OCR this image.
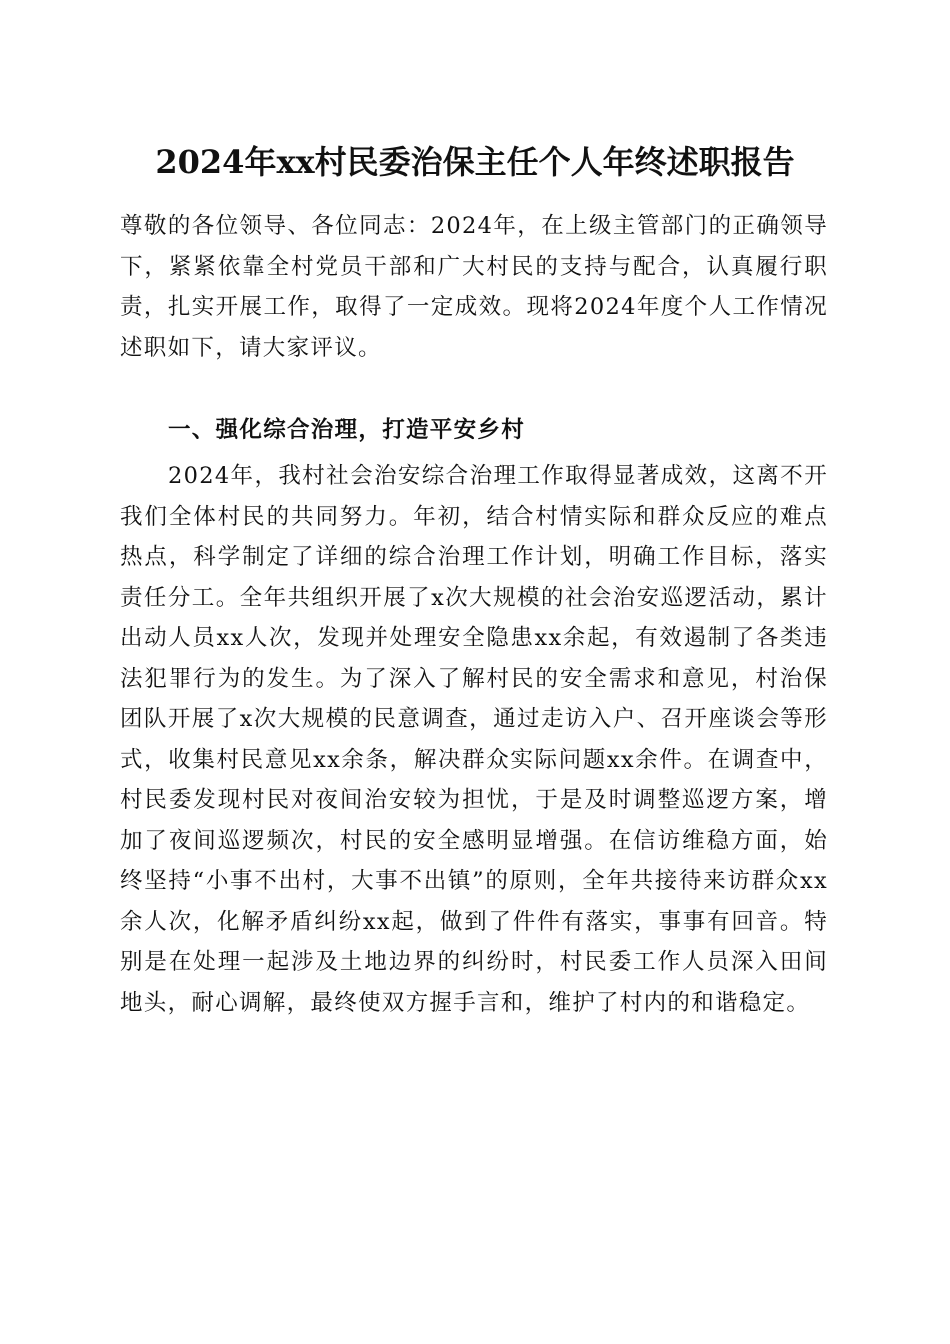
2024年xx村民委治保主任个人年终述职报告

尊敬的各位领导、各位同志：2024年，在上级主管部门的正确领导下，紧紧依靠全村党员干部和广大村民的支持与配合，认真履行职责，扎实开展工作，取得了一定成效。现将2024年度个人工作情况述职如下，请大家评议。

一、强化综合治理，打造平安乡村

2024年，我村社会治安综合治理工作取得显著成效，这离不开我们全体村民的共同努力。年初，结合村情实际和群众反应的难点热点，科学制定了详细的综合治理工作计划，明确工作目标，落实责任分工。全年共组织开展了x次大规模的社会治安巡逻活动，累计出动人员xx人次，发现并处理安全隐患xx余起，有效遏制了各类违法犯罪行为的发生。为了深入了解村民的安全需求和意见，村治保团队开展了x次大规模的民意调查，通过走访入户、召开座谈会等形式，收集村民意见xx余条，解决群众实际问题xx余件。在调查中，村民委发现村民对夜间治安较为担忧，于是及时调整巡逻方案，增加了夜间巡逻频次，村民的安全感明显增强。在信访维稳方面，始终坚持“小事不出村，大事不出镇”的原则，全年共接待来访群众xx余人次，化解矛盾纠纷xx起，做到了件件有落实，事事有回音。特别是在处理一起涉及土地边界的纠纷时，村民委工作人员深入田间地头，耐心调解，最终使双方握手言和，维护了村内的和谐稳定。
